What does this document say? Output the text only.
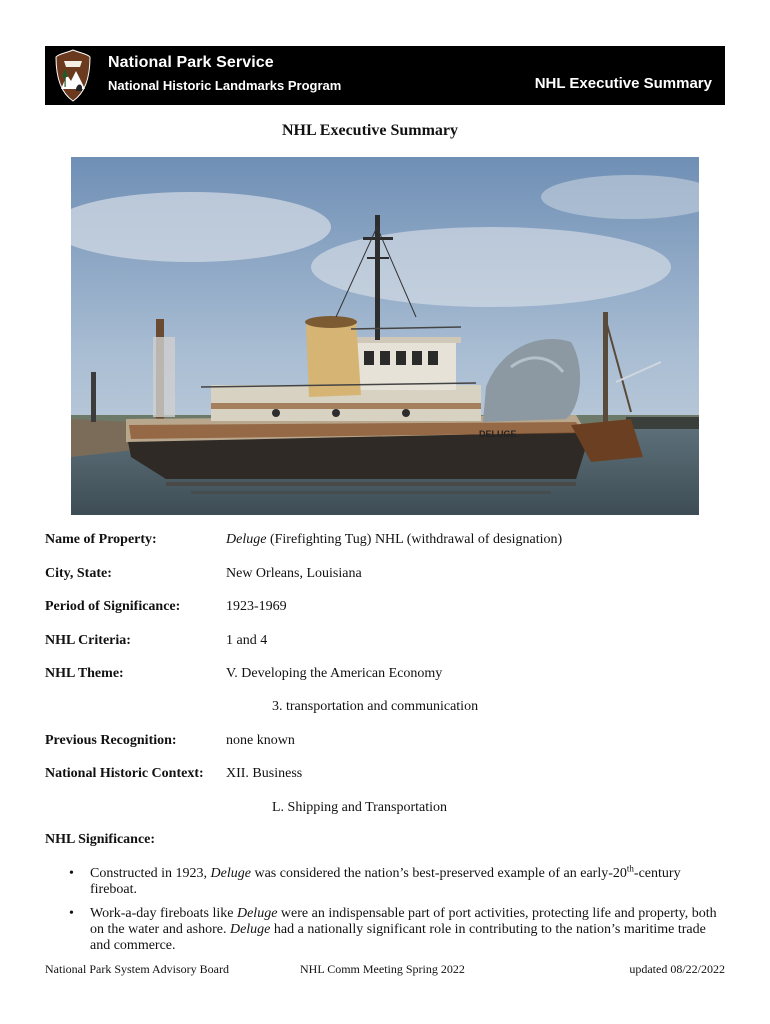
National Park Service
National Historic Landmarks Program	NHL Executive Summary
NHL Executive Summary
DELUGE
Name of Property:	Deluge (Firefighting Tug) NHL (withdrawal of designation)
City, State:	New Orleans, Louisiana
Period of Significance:	1923-1969
NHL Criteria:	1 and 4
NHL Theme:	V. Developing the American Economy
3. transportation and communication
Previous Recognition:	none known
National Historic Context: XII. Business
L. Shipping and Transportation
NHL Significance:
• Constructed in 1923, Deluge was considered the nation’s best-preserved example of an early-20th-century fireboat.
• Work-a-day fireboats like Deluge were an indispensable part of port activities, protecting life and property, both on the water and ashore. Deluge had a nationally significant role in contributing to the nation’s maritime trade and commerce.
National Park System Advisory Board	NHL Comm Meeting Spring 2022	updated 08/22/2022
